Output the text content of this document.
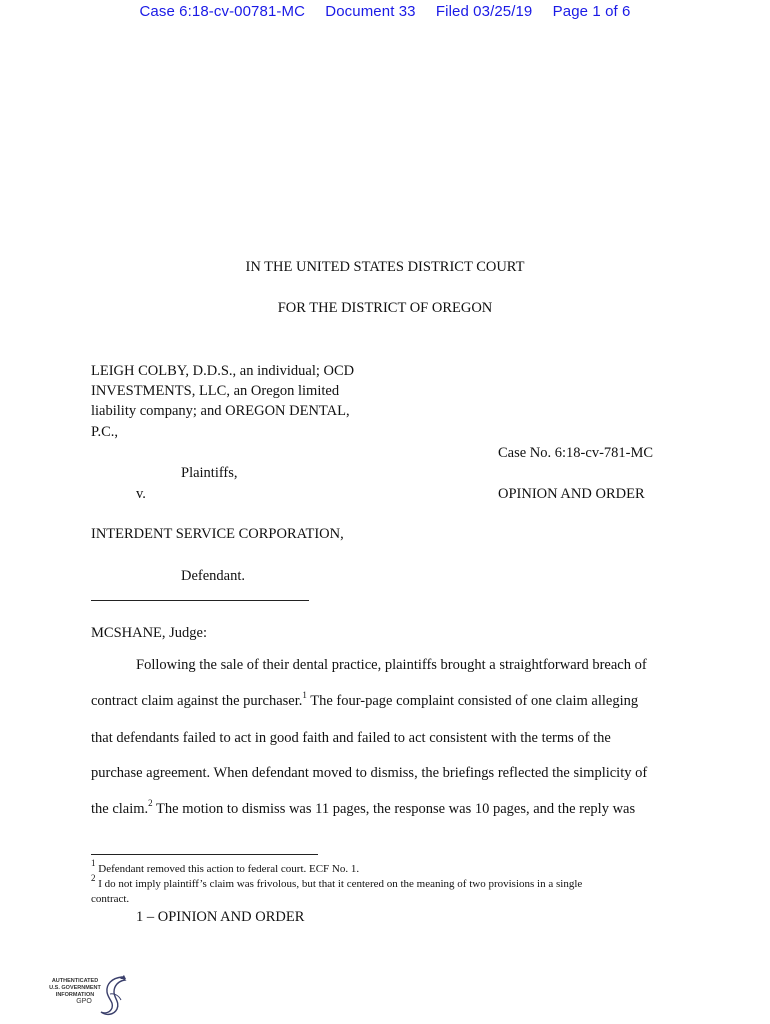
Case 6:18-cv-00781-MC Document 33 Filed 03/25/19 Page 1 of 6
IN THE UNITED STATES DISTRICT COURT
FOR THE DISTRICT OF OREGON
LEIGH COLBY, D.D.S., an individual; OCD
INVESTMENTS, LLC, an Oregon limited
liability company; and OREGON DENTAL,
P.C.,
Case No. 6:18-cv-781-MC
Plaintiffs,
v.	OPINION AND ORDER
INTERDENT SERVICE CORPORATION,
Defendant.
MCSHANE, Judge:
Following the sale of their dental practice, plaintiffs brought a straightforward breach of
contract claim against the purchaser.$^1$ The four-page complaint consisted of one claim alleging
that defendants failed to act in good faith and failed to act consistent with the terms of the
purchase agreement. When defendant moved to dismiss, the briefings reflected the simplicity of
the claim.$^2$ The motion to dismiss was 11 pages, the response was 10 pages, and the reply was
$^1$ Defendant removed this action to federal court. ECF No. 1.
$^2$ I do not imply plaintiff’s claim was frivolous, but that it centered on the meaning of two provisions in a single
contract.
1 – OPINION AND ORDER
AUTHENTICATED
U.S. GOVERNMENT
INFORMATION
GPO
